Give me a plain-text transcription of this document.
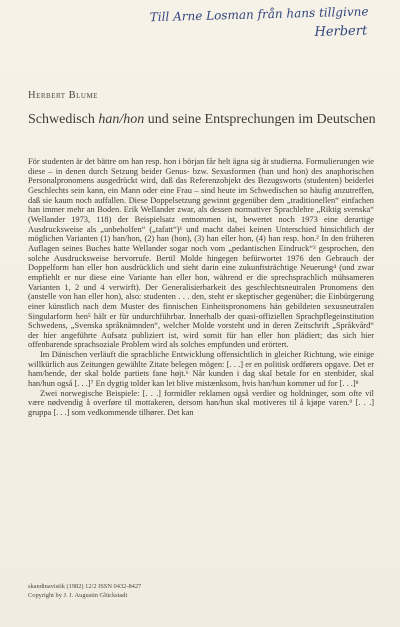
Till Arne Losman från hans tillgivne
Herbert
Herbert Blume
Schwedisch han/hon und seine Entsprechungen im Deutschen

För studenten är det bättre om han resp. hon i början får helt ägna sig åt studierna. Formulierungen wie diese – in denen durch Setzung beider Genus- bzw. Sexusformen (han und hon) des anaphorischen Personalpronomens ausgedrückt wird, daß das Referenzobjekt des Bezugsworts (studenten) beiderlei Geschlechts sein kann, ein Mann oder eine Frau – sind heute im Schwedischen so häufig anzutreffen, daß sie kaum noch auffallen. Diese Doppelsetzung gewinnt gegenüber dem „traditionellen“ einfachen han immer mehr an Boden. Erik Wellander zwar, als dessen normativer Sprachlehre „Riktig svenska“ (Wellander 1973, 118) der Beispielsatz entnommen ist, bewertet noch 1973 eine derartige Ausdrucksweise als „unbeholfen“ („tafatt“)¹ und macht dabei keinen Unterschied hinsichtlich der möglichen Varianten (1) han/hon, (2) han (hon), (3) han eller hon, (4) han resp. hon.² In den früheren Auflagen seines Buches hatte Wellander sogar noch vom „pedantischen Eindruck“³ gesprochen, den solche Ausdrucksweise hervorrufe. Bertil Molde hingegen befürwortet 1976 den Gebrauch der Doppelform han eller hon ausdrücklich und sieht darin eine zukunftsträchtige Neuerung⁴ (und zwar empfiehlt er nur diese eine Variante han eller hon, während er die sprechsprachlich mühsameren Varianten 1, 2 und 4 verwirft). Der Generalisierbarkeit des geschlechtsneutralen Pronomens den (anstelle von han eller hon), also: studenten . . . den, steht er skeptischer gegenüber; die Einbürgerung einer künstlich nach dem Muster des finnischen Einheitspronomens hän gebildeten sexusneutralen Singularform hen⁵ hält er für undurchführbar. Innerhalb der quasi-offiziellen Sprachpflegeinstitution Schwedens, „Svenska språknämnden“, welcher Molde vorsteht und in deren Zeitschrift „Språkvård“ der hier angeführte Aufsatz publiziert ist, wird somit für han eller hon plädiert; das sich hier offenbarende sprachsoziale Problem wird als solches empfunden und erörtert.

Im Dänischen verläuft die sprachliche Entwicklung offensichtlich in gleicher Richtung, wie einige willkürlich aus Zeitungen gewählte Zitate belegen mögen: [. . .] er en politisk ordførers opgave. Det er ham/hende, der skal holde partiets fane højt.⁶ Når kunden i dag skal betale for en stenbider, skal han/hun også [. . .]⁷ En dygtig tolder kan let blive mistænksom, hvis han/hun kommer ud for [. . .]⁸

Zwei norwegische Beispiele: [. . .] formidler reklamen også verdier og holdninger, som ofte vil være nødvendig å overføre til mottakeren, dersom han/hun skal motiveres til å kjøpe varen.⁹ [. . .] gruppa [. . .] som vedkommende tilhører. Det kan

skandinavistik (1982) 12/2 ISSN 0432-8427
Copyright by J. J. Augustin Glückstadt
